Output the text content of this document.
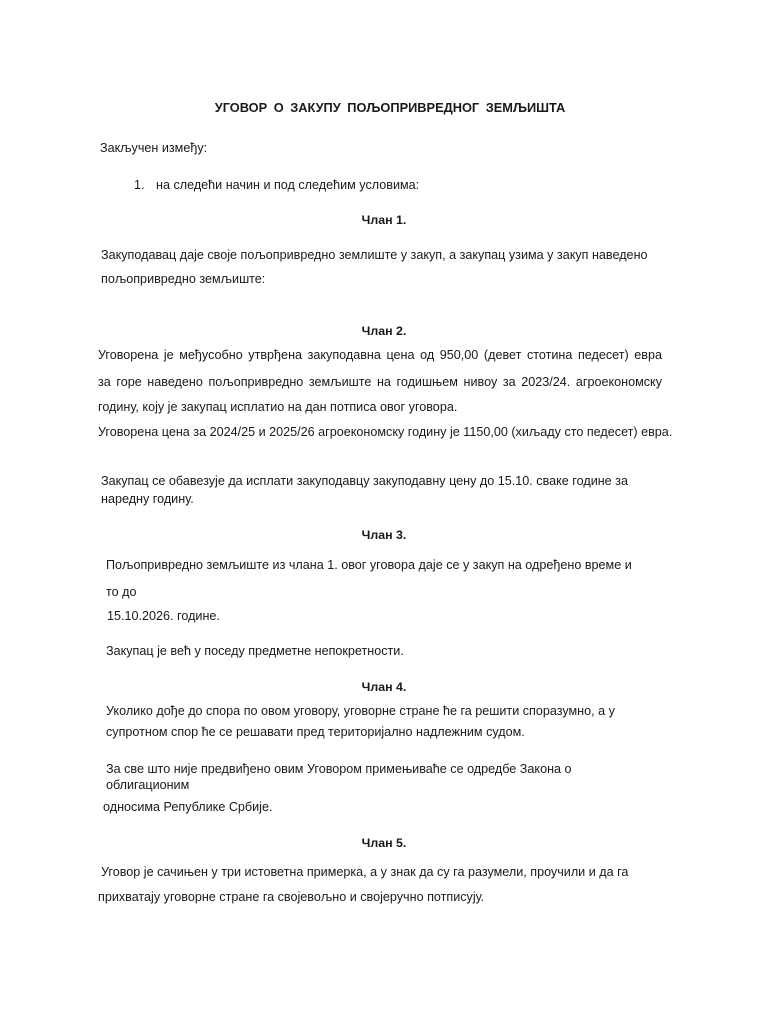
УГОВОР О ЗАКУПУ ПОЉОПРИВРЕДНОГ ЗЕМЉИШТА

Закључен између:

1. на следећи начин и под следећим условима:

Члан 1.

Закуподавац даје своје пољопривредно землиште у закуп, а закупац узима у закуп наведено

пољопривредно земљиште:

Члан 2.

Уговорена је међусобно утврђена закуподавна цена од 950,00 (девет стотина педесет) евра

за горе наведено пољопривредно земљиште на годишњем нивоу за 2023/24. агроекономску

годину, коју је закупац исплатио на дан потписа овог уговора.

Уговорена цена за 2024/25 и 2025/26 агроекономску годину је 1150,00 (хиљаду сто педесет) евра.

Закупац се обавезује да исплати закуподавцу закуподавну цену до 15.10. сваке године за

наредну годину.

Члан 3.

Пољопривредно земљиште из члана 1. овог уговора даје се у закуп на одређено време и

то до

15.10.2026. године.

Закупац је већ у поседу предметне непокретности.

Члан 4.

Уколико дође до спора по овом уговору, уговорне стране ће га решити споразумно, а у

супротном спор ће се решавати пред територијално надлежним судом.

За све што није предвиђено овим Уговором примењиваће се одредбе Закона о

облигационим

односима Републике Србије.

Члан 5.

Уговор је сачињен у три истоветна примерка, а у знак да су га разумели, проучили и да га

прихватају уговорне стране га својевољно и својеручно потписују.
